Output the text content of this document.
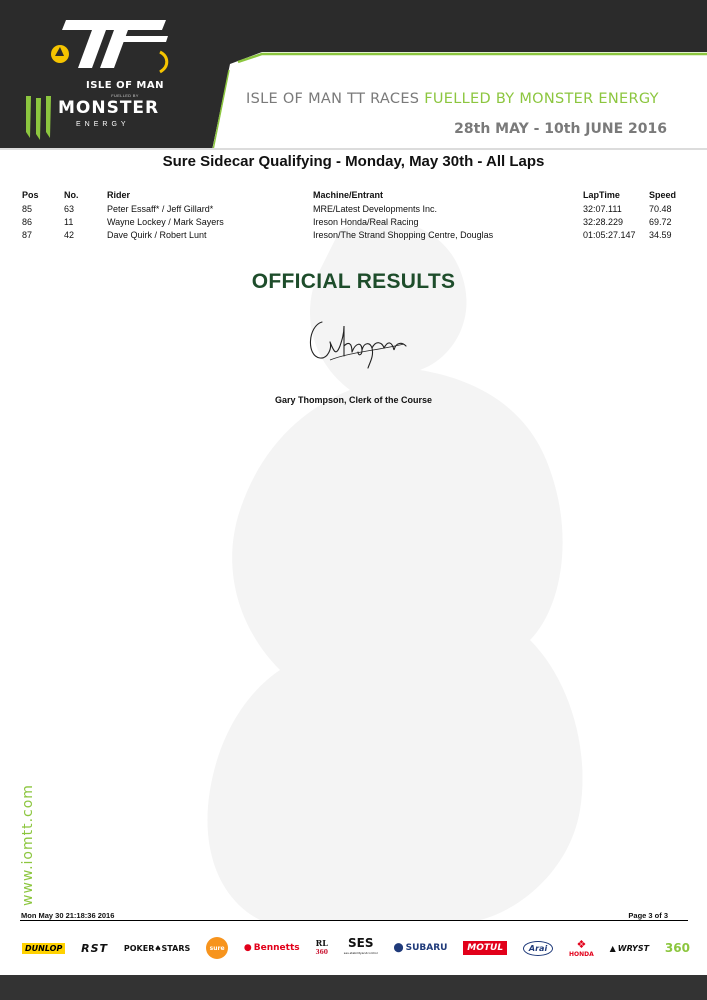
ISLE OF MAN
FUELLED BY
MONSTER
ENERGY
ISLE OF MAN TT RACES FUELLED BY MONSTER ENERGY
28th MAY - 10th JUNE 2016
Sure Sidecar Qualifying - Monday, May 30th - All Laps
Pos	No.	Rider	Machine/Entrant	LapTime	Speed
85	63	Peter Essaff* / Jeff Gillard*	MRE/Latest Developments Inc.	32:07.111	70.48
86	11	Wayne Lockey / Mark Sayers	Ireson Honda/Real Racing	32:28.229	69.72
87	42	Dave Quirk / Robert Lunt	Ireson/The Strand Shopping Centre, Douglas	01:05:27.147	34.59
OFFICIAL RESULTS
Gary Thompson, Clerk of the Course
www.iomtt.com
Mon May 30 21:18:36 2016	Page 3 of 3
DUNLOP RST POKER♠STARS	sure	● Bennetts RL
360
SES
ses.stabilityandcontrol ⬤ SUBARU	MOTUL	Arai	❖
HONDA
▲ WRYST 360
